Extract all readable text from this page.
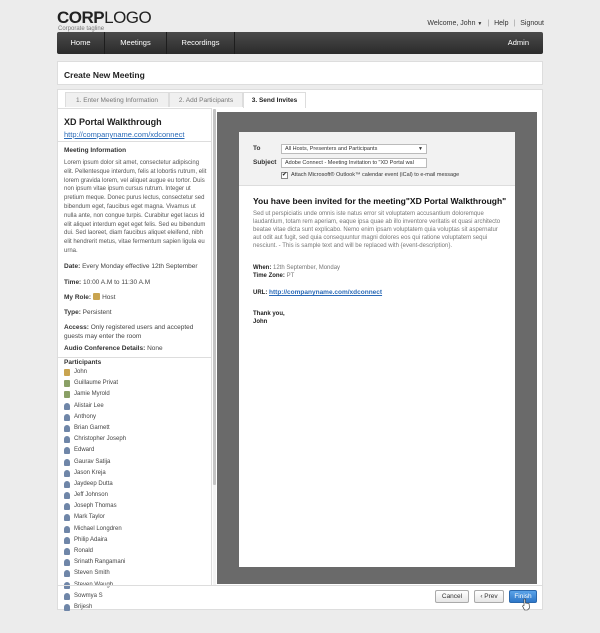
CORPLOGO
Corporate tagline
Welcome, John ▼ | Help | Signout
Home	Meetings	Recordings	Admin
Create New Meeting
1. Enter Meeting Information	2. Add Participants	3. Send Invites
XD Portal Walkthrough
http://companyname.com/xdconnect
Meeting Information
Lorem ipsum dolor sit amet, consectetur adipiscing elit. Pellentesque interdum, felis at lobortis rutrum, elit lorem gravida lorem, vel aliquet augue eu tortor. Duis non ipsum vitae ipsum cursus rutrum. Integer ut pretium meque. Donec purus lectus, consectetur sed bibendum eget, faucibus eget magna. Vivamus ut nulla ante, non congue turpis. Curabitur eget lacus id elit aliquet interdum eget eget felis. Sed eu bibendum dui. Sed laoreet, diam faucibus aliquet eleifend, nibh elit hendrerit metus, vitae fermentum sapien ligula eu urna.
Date: Every Monday effective 12th September
Time: 10:00 A.M to 11:30 A.M
My Role: Host
Type: Persistent
Access: Only registered users and accepted guests may enter the room
Audio Conference Details: None
Participants
John
Guillaume Privat
Jamie Myrold
Alistair Lee
Anthony
Brian Garnett
Christopher Joseph
Edward
Gaurav Satija
Jason Kreja
Jaydeep Dutta
Jeff Johnson
Joseph Thomas
Mark Taylor
Michael Longdren
Philip Adaira
Ronald
Srinath Rangamani
Steven Smith
Sowmya S
Brijesh
To	All Hosts, Presenters and Participants	▼
Subject	Adobe Connect - Meeting Invitation to "XD Portal wal
✔ Attach Microsoft® Outlook™ calendar event (iCal) to e-mail message
You have been invited for the meeting"XD Portal Walkthrough"
Sed ut perspiciatis unde omnis iste natus error sit voluptatem accusantium doloremque laudantium, totam rem aperiam, eaque ipsa quae ab illo inventore veritatis et quasi architecto beatae vitae dicta sunt explicabo. Nemo enim ipsam voluptatem quia voluptas sit aspernatur aut odit aut fugit, sed quia consequuntur magni dolores eos qui ratione voluptatem sequi nesciunt. - This is sample text and will be replaced with {event-description}.
When: 12th September, Monday
Time Zone: PT
URL: http://companyname.com/xdconnect
Thank you,
John
Cancel	‹ Prev	Finish
